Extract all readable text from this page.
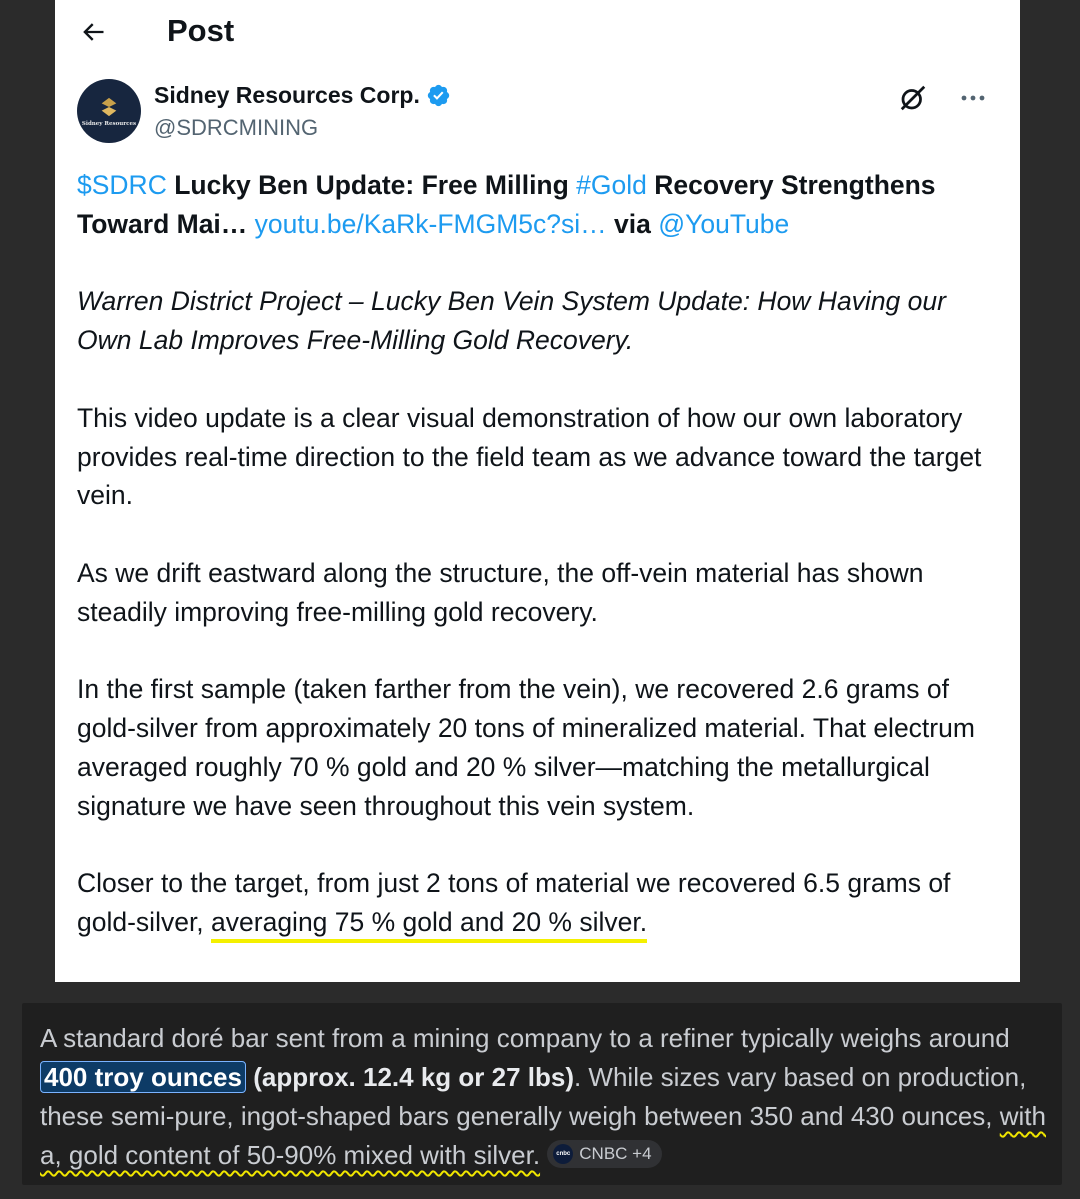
Post
Sidney Resources
Sidney Resources Corp.
@SDRCMINING

$SDRC Lucky Ben Update: Free Milling #Gold Recovery Strengthens Toward Mai… youtu.be/KaRk-FMGM5c?si… via @YouTube

Warren District Project – Lucky Ben Vein System Update: How Having our Own Lab Improves Free-Milling Gold Recovery.

This video update is a clear visual demonstration of how our own laboratory provides real-time direction to the field team as we advance toward the target vein.

As we drift eastward along the structure, the off-vein material has shown steadily improving free-milling gold recovery.

In the first sample (taken farther from the vein), we recovered 2.6 grams of gold-silver from approximately 20 tons of mineralized material. That electrum averaged roughly 70 % gold and 20 % silver—matching the metallurgical signature we have seen throughout this vein system.

Closer to the target, from just 2 tons of material we recovered 6.5 grams of gold-silver, averaging 75 % gold and 20 % silver.

A standard doré bar sent from a mining company to a refiner typically weighs around 400 troy ounces (approx. 12.4 kg or 27 lbs). While sizes vary based on production, these semi-pure, ingot-shaped bars generally weigh between 350 and 430 ounces, with a, gold content of 50-90% mixed with silver.	cnbc CNBC +4
